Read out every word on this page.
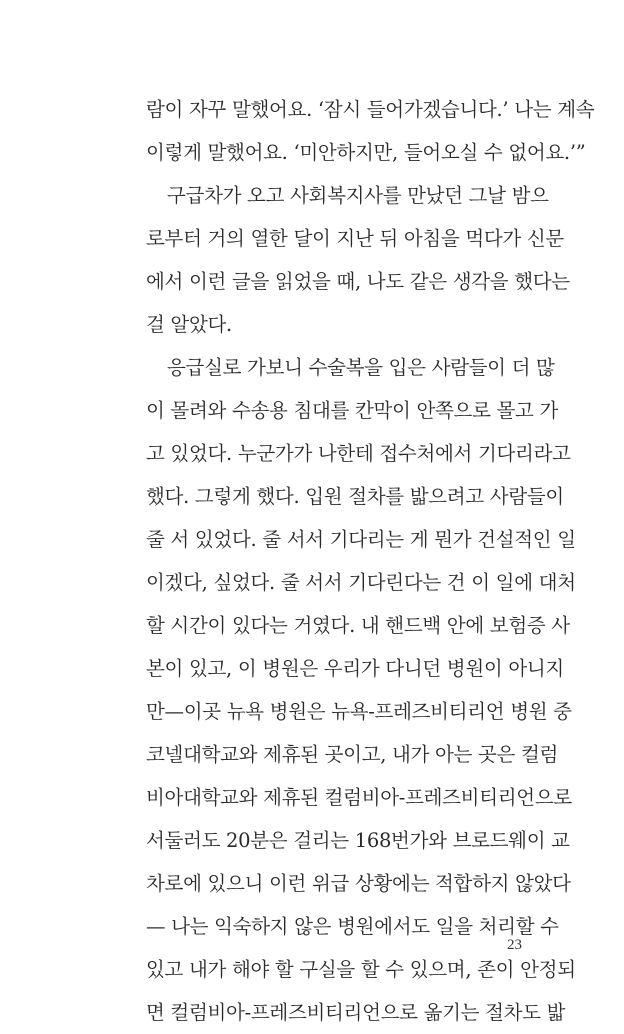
람이 자꾸 말했어요. ‘잠시 들어가겠습니다.’ 나는 계속
이렇게 말했어요. ‘미안하지만, 들어오실 수 없어요.’”
구급차가 오고 사회복지사를 만났던 그날 밤으
로부터 거의 열한 달이 지난 뒤 아침을 먹다가 신문
에서 이런 글을 읽었을 때, 나도 같은 생각을 했다는
걸 알았다.
응급실로 가보니 수술복을 입은 사람들이 더 많
이 몰려와 수송용 침대를 칸막이 안쪽으로 몰고 가
고 있었다. 누군가가 나한테 접수처에서 기다리라고
했다. 그렇게 했다. 입원 절차를 밟으려고 사람들이
줄 서 있었다. 줄 서서 기다리는 게 뭔가 건설적인 일
이겠다, 싶었다. 줄 서서 기다린다는 건 이 일에 대처
할 시간이 있다는 거였다. 내 핸드백 안에 보험증 사
본이 있고, 이 병원은 우리가 다니던 병원이 아니지
만—이곳 뉴욕 병원은 뉴욕-프레즈비티리언 병원 중
코넬대학교와 제휴된 곳이고, 내가 아는 곳은 컬럼
비아대학교와 제휴된 컬럼비아-프레즈비티리언으로
서둘러도 20분은 걸리는 168번가와 브로드웨이 교
차로에 있으니 이런 위급 상황에는 적합하지 않았다
— 나는 익숙하지 않은 병원에서도 일을 처리할 수
있고 내가 해야 할 구실을 할 수 있으며, 존이 안정되
면 컬럼비아-프레즈비티리언으로 옮기는 절차도 밟
23
